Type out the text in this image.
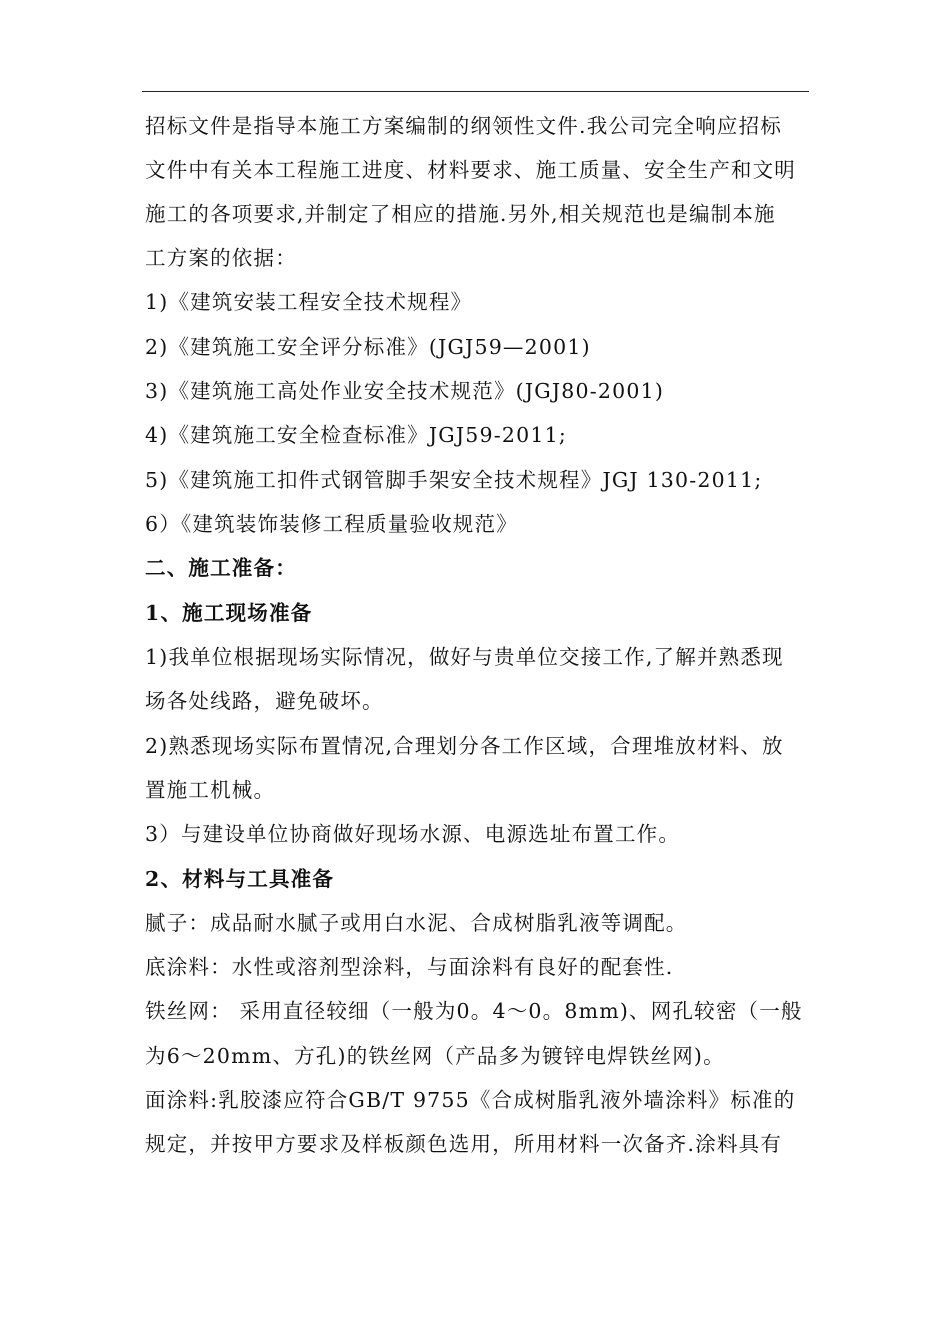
招标文件是指导本施工方案编制的纲领性文件.我公司完全响应招标
文件中有关本工程施工进度、材料要求、施工质量、安全生产和文明
施工的各项要求,并制定了相应的措施.另外,相关规范也是编制本施
工方案的依据：
1)《建筑安装工程安全技术规程》
2)《建筑施工安全评分标准》(JGJ59—2001)
3)《建筑施工高处作业安全技术规范》(JGJ80-2001)
4)《建筑施工安全检查标准》JGJ59-2011;
5)《建筑施工扣件式钢管脚手架安全技术规程》JGJ 130-2011;
6）《建筑装饰装修工程质量验收规范》
二、施工准备：
1、施工现场准备
1)我单位根据现场实际情况，做好与贵单位交接工作,了解并熟悉现
场各处线路，避免破坏。
2)熟悉现场实际布置情况,合理划分各工作区域，合理堆放材料、放
置施工机械。
3）与建设单位协商做好现场水源、电源选址布置工作。
2、材料与工具准备
腻子：成品耐水腻子或用白水泥、合成树脂乳液等调配。
底涂料：水性或溶剂型涂料，与面涂料有良好的配套性.
铁丝网： 采用直径较细（一般为0。4～0。8mm)、网孔较密（一般
为6～20mm、方孔)的铁丝网（产品多为镀锌电焊铁丝网)。
面涂料:乳胶漆应符合GB/T 9755《合成树脂乳液外墙涂料》标准的
规定，并按甲方要求及样板颜色选用，所用材料一次备齐.涂料具有
